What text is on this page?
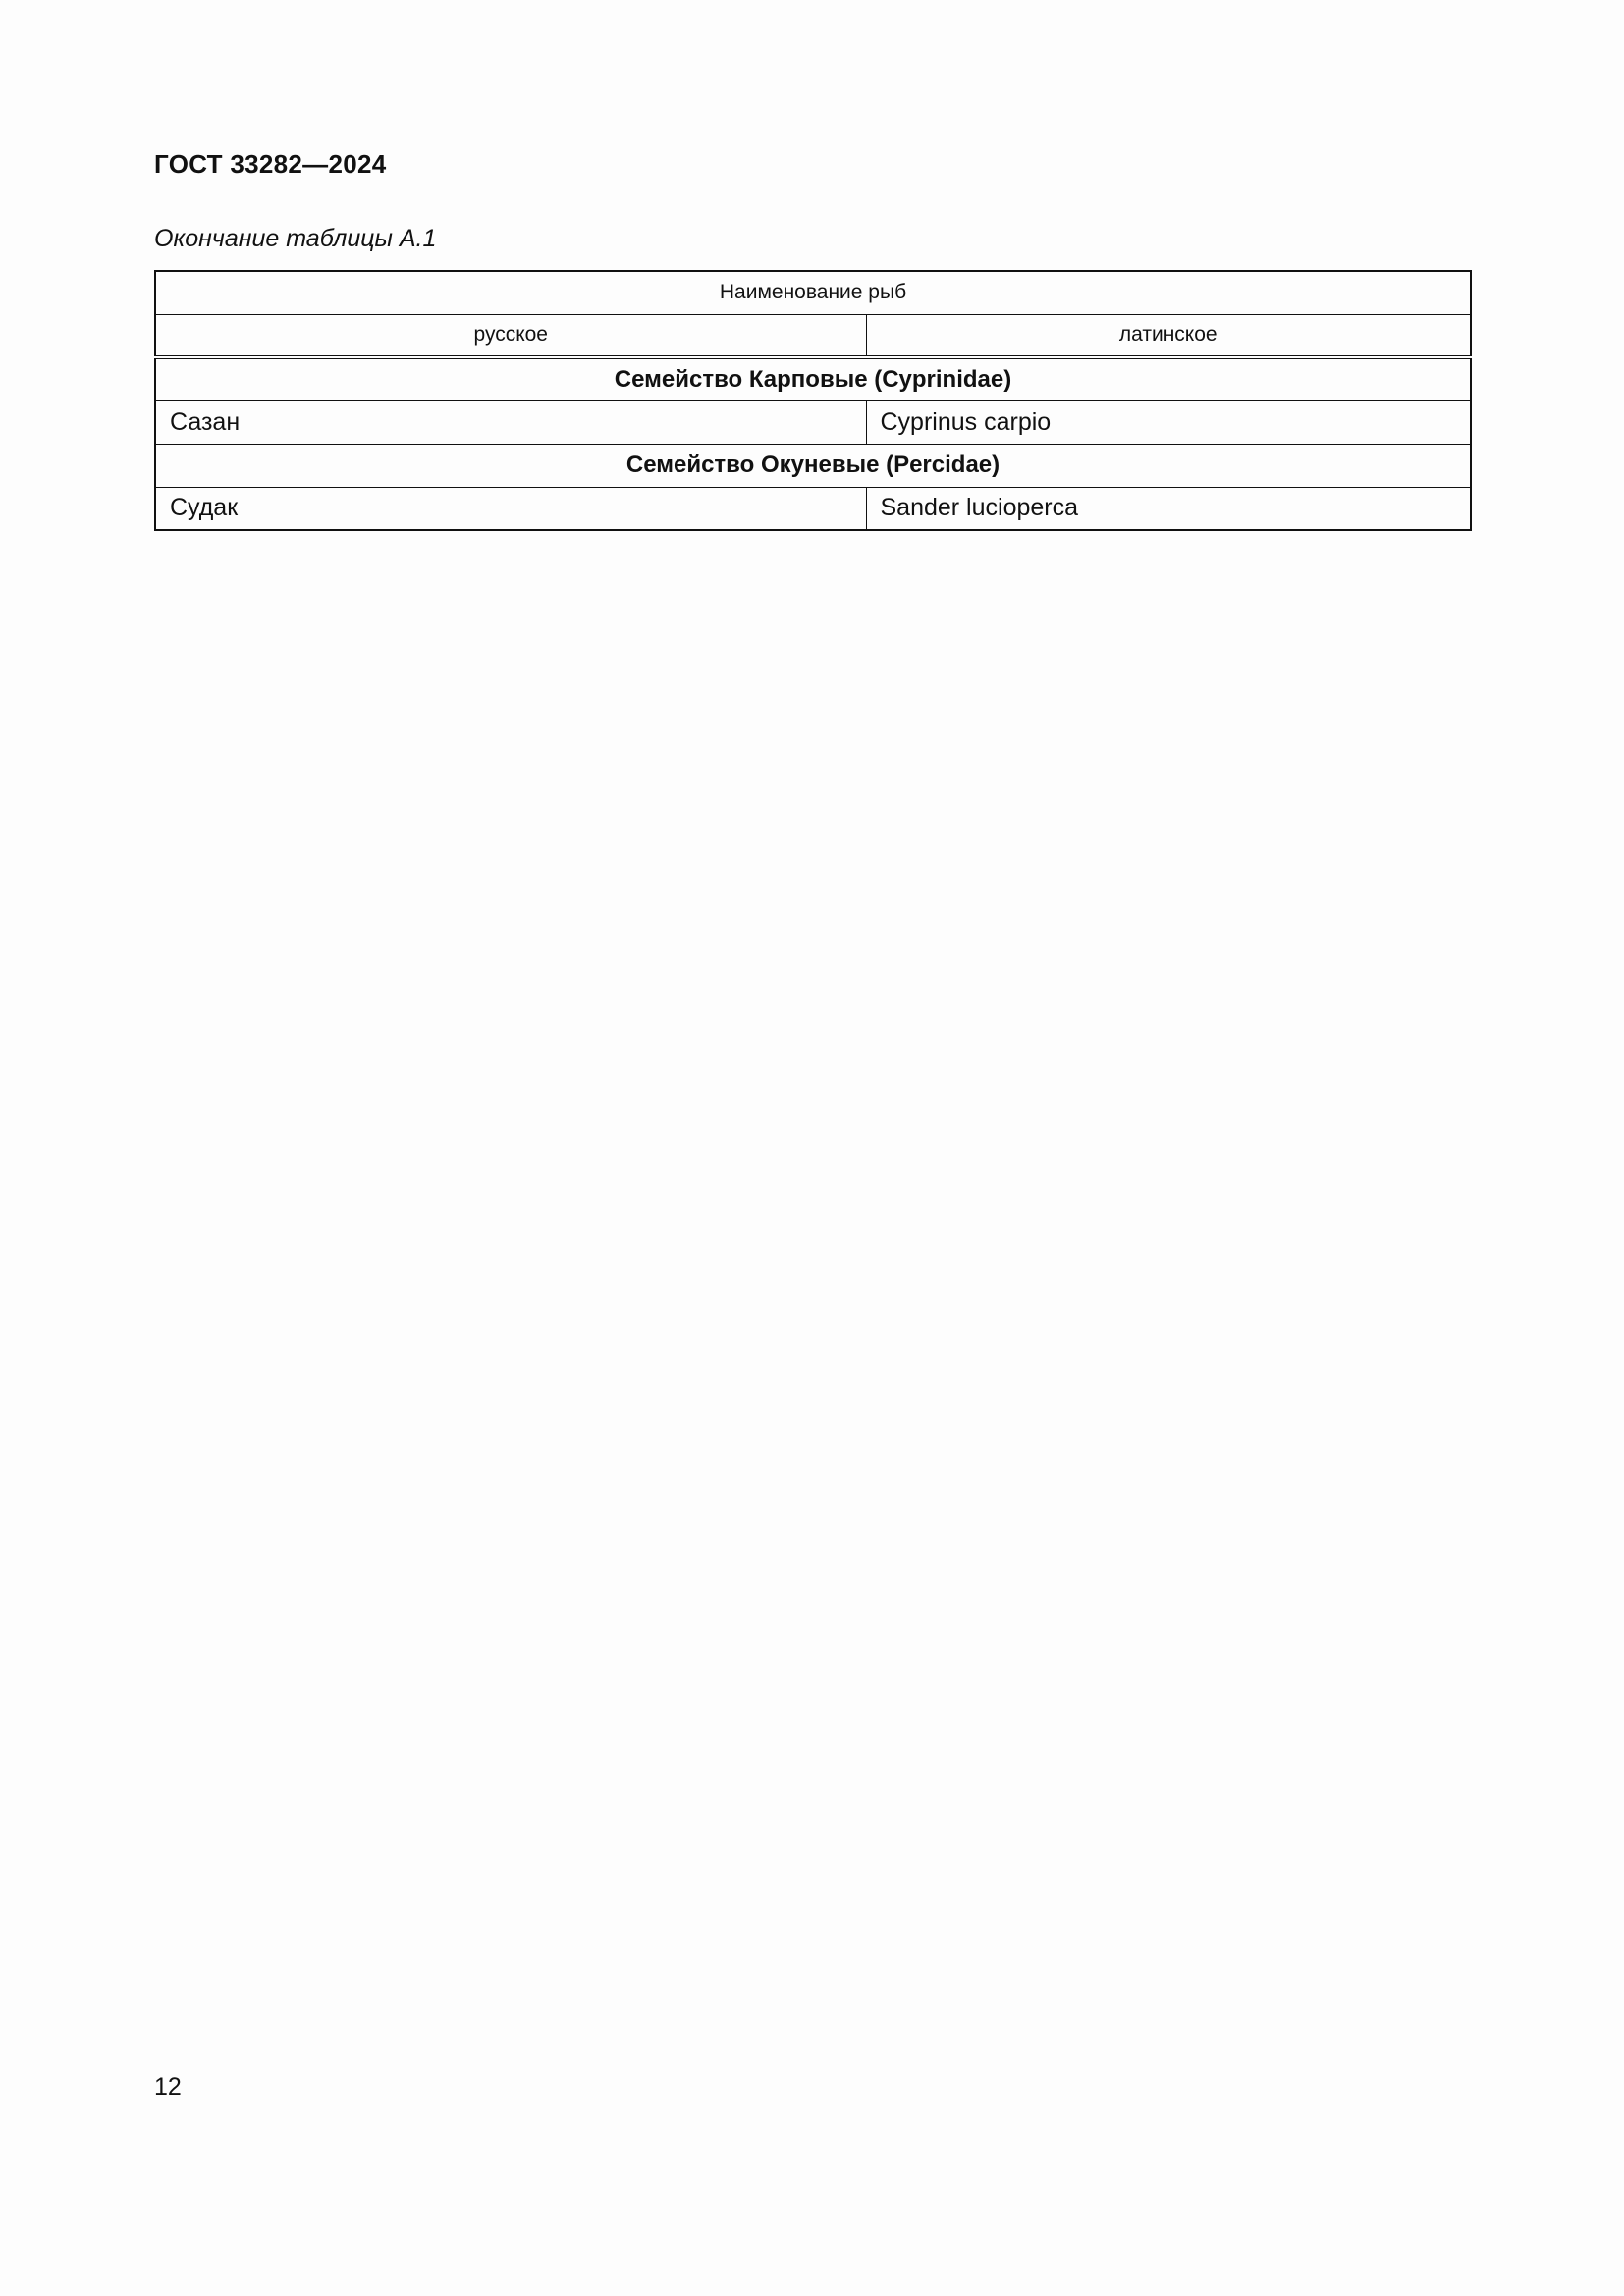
ГОСТ 33282—2024
Окончание таблицы А.1
Наименование рыб	
русское	латинское
Семейство Карповые (Cyprinidae)	
Сазан	Cyprinus carpio
Семейство Окуневые (Percidae)	
Судак	Sander lucioperca
12
